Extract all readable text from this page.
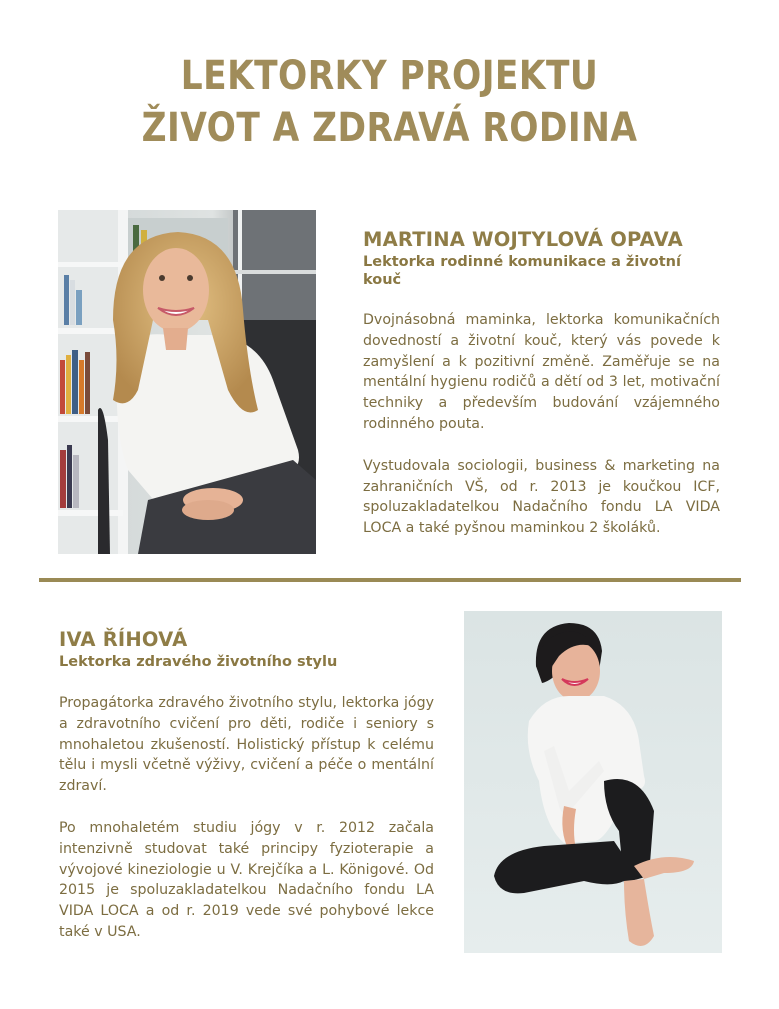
LEKTORKY PROJEKTU
ŽIVOT A ZDRAVÁ RODINA
MARTINA WOJTYLOVÁ OPAVA
Lektorka rodinné komunikace a životní kouč

Dvojnásobná maminka, lektorka komunikačních dovedností a životní kouč, který vás povede k zamyšlení a k pozitivní změně. Zaměřuje se na mentální hygienu rodičů a dětí od 3 let, motivační techniky a především budování vzájemného rodinného pouta.

Vystudovala sociologii, business & marketing na zahraničních VŠ, od r. 2013 je koučkou ICF, spoluzakladatelkou Nadačního fondu LA VIDA LOCA a také pyšnou maminkou 2 školáků.

IVA ŘÍHOVÁ
Lektorka zdravého životního stylu

Propagátorka zdravého životního stylu, lektorka jógy a zdravotního cvičení pro děti, rodiče i seniory s mnohaletou zkušeností. Holistický přístup k celému tělu i mysli včetně výživy, cvičení a péče o mentální zdraví.

Po mnohaletém studiu jógy v r. 2012 začala intenzivně studovat také principy fyzioterapie a vývojové kineziologie u V. Krejčíka a L. Königové. Od 2015 je spoluzakladatelkou Nadačního fondu LA VIDA LOCA a od r. 2019 vede své pohybové lekce také v USA.
